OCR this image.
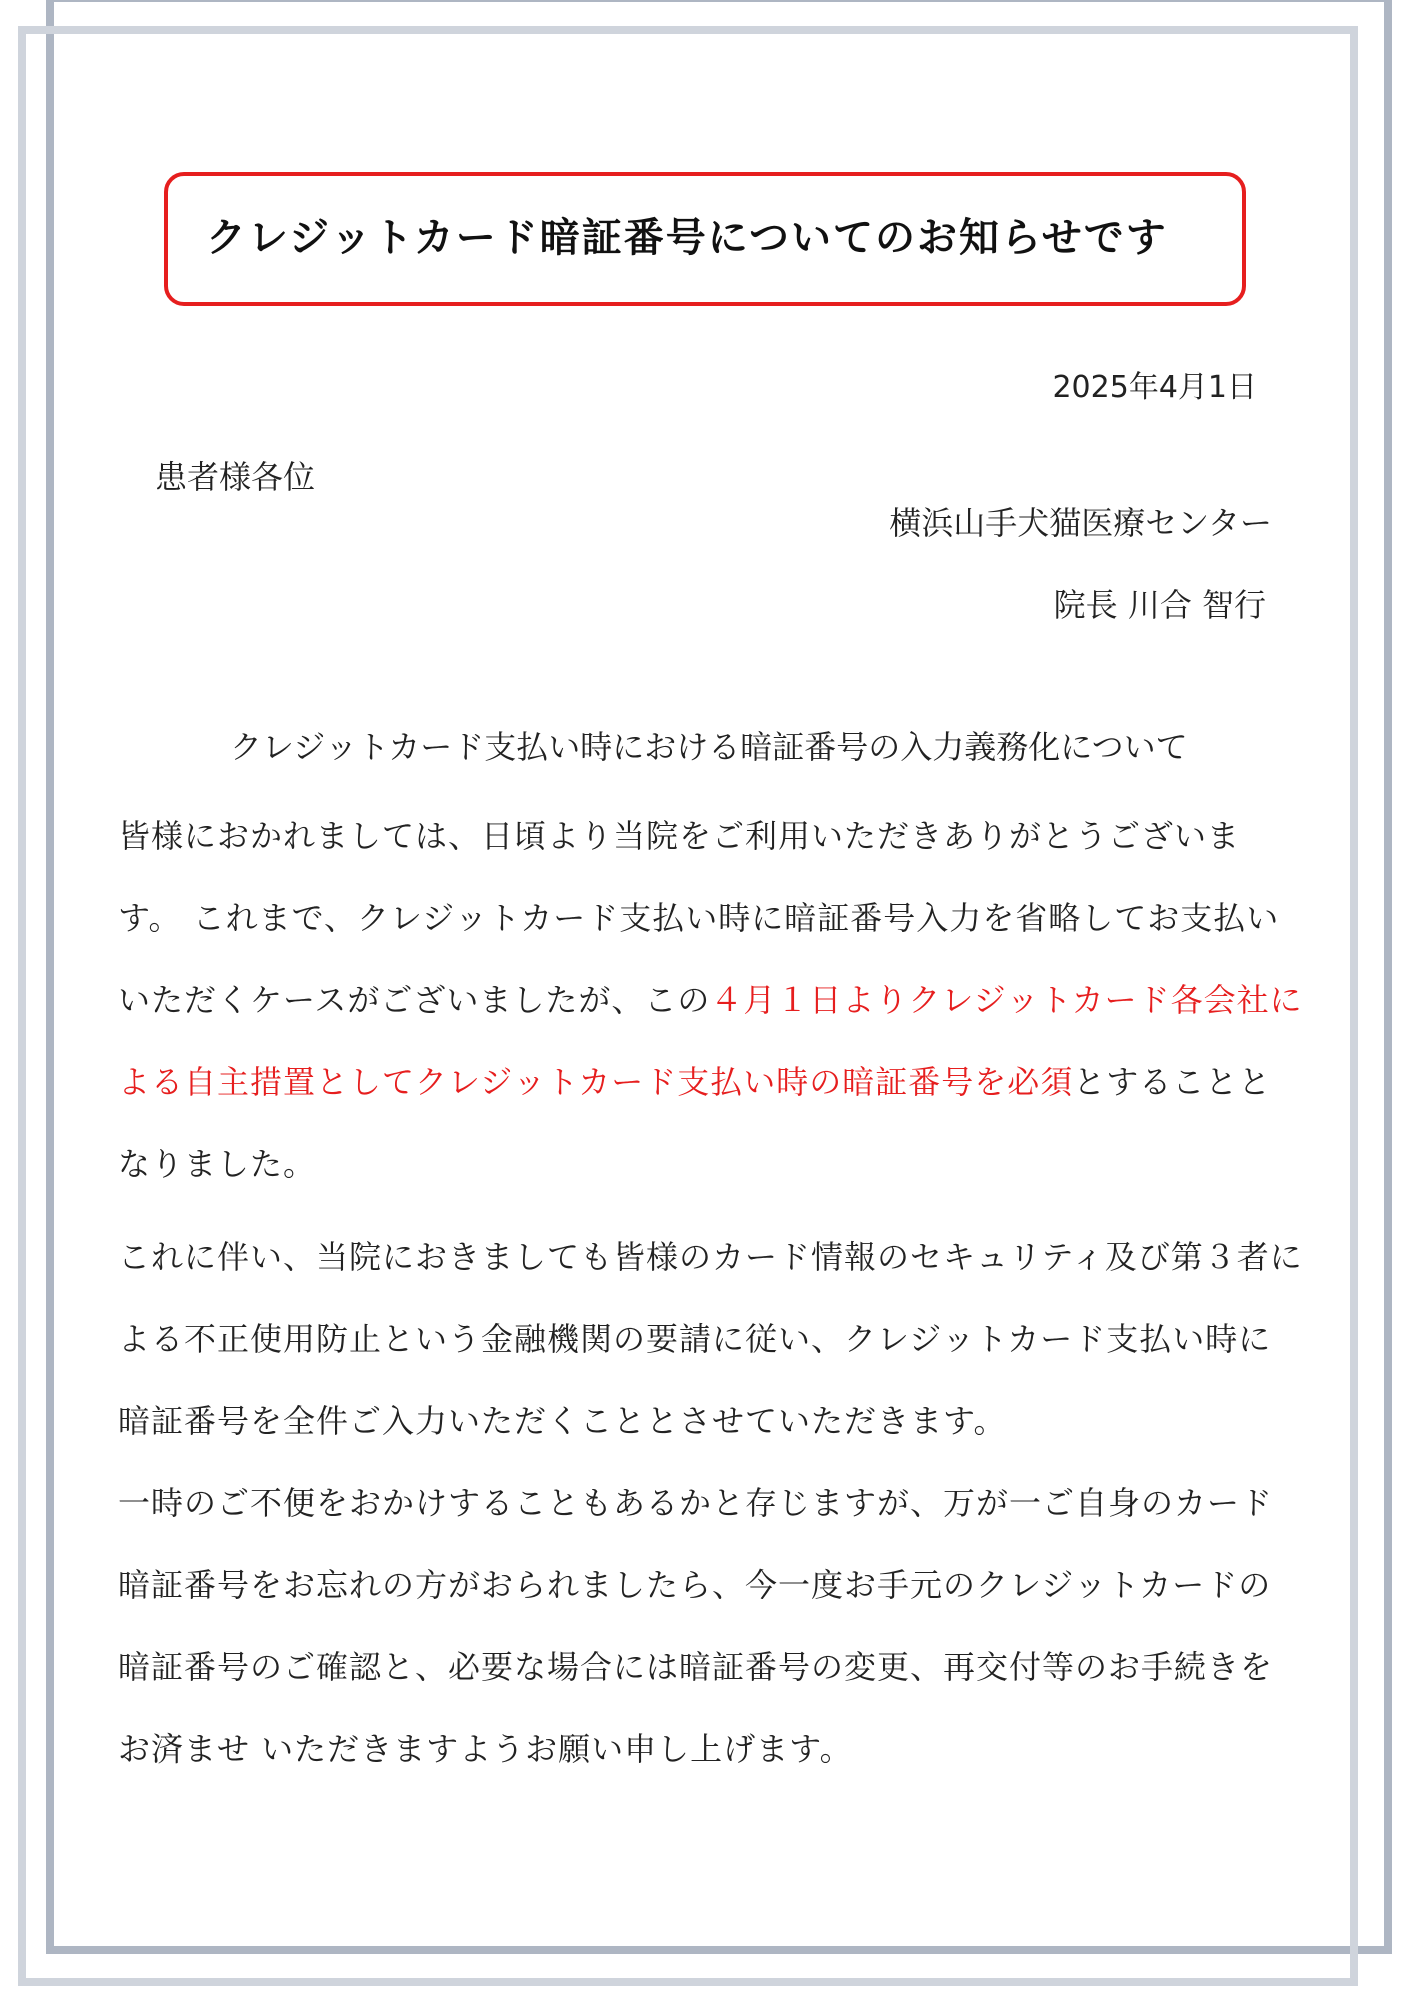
クレジットカード暗証番号についてのお知らせです
2025年4月1日
患者様各位
横浜山手犬猫医療センター
院長 川合 智行
クレジットカード支払い時における暗証番号の入力義務化について
皆様におかれましては、日頃より当院をご利用いただきありがとうございます。 これまで、クレジットカード支払い時に暗証番号入力を省略してお支払いいただくケースがございましたが、この４月１日よりクレジットカード各会社による自主措置としてクレジットカード支払い時の暗証番号を必須とすることとなりました。
これに伴い、当院におきましても皆様のカード情報のセキュリティ及び第３者による不正使用防止という金融機関の要請に従い、クレジットカード支払い時に暗証番号を全件ご入力いただくこととさせていただきます。
一時のご不便をおかけすることもあるかと存じますが、万が一ご自身のカード暗証番号をお忘れの方がおられましたら、今一度お手元のクレジットカードの暗証番号のご確認と、必要な場合には暗証番号の変更、再交付等のお手続きをお済ませ いただきますようお願い申し上げます。
